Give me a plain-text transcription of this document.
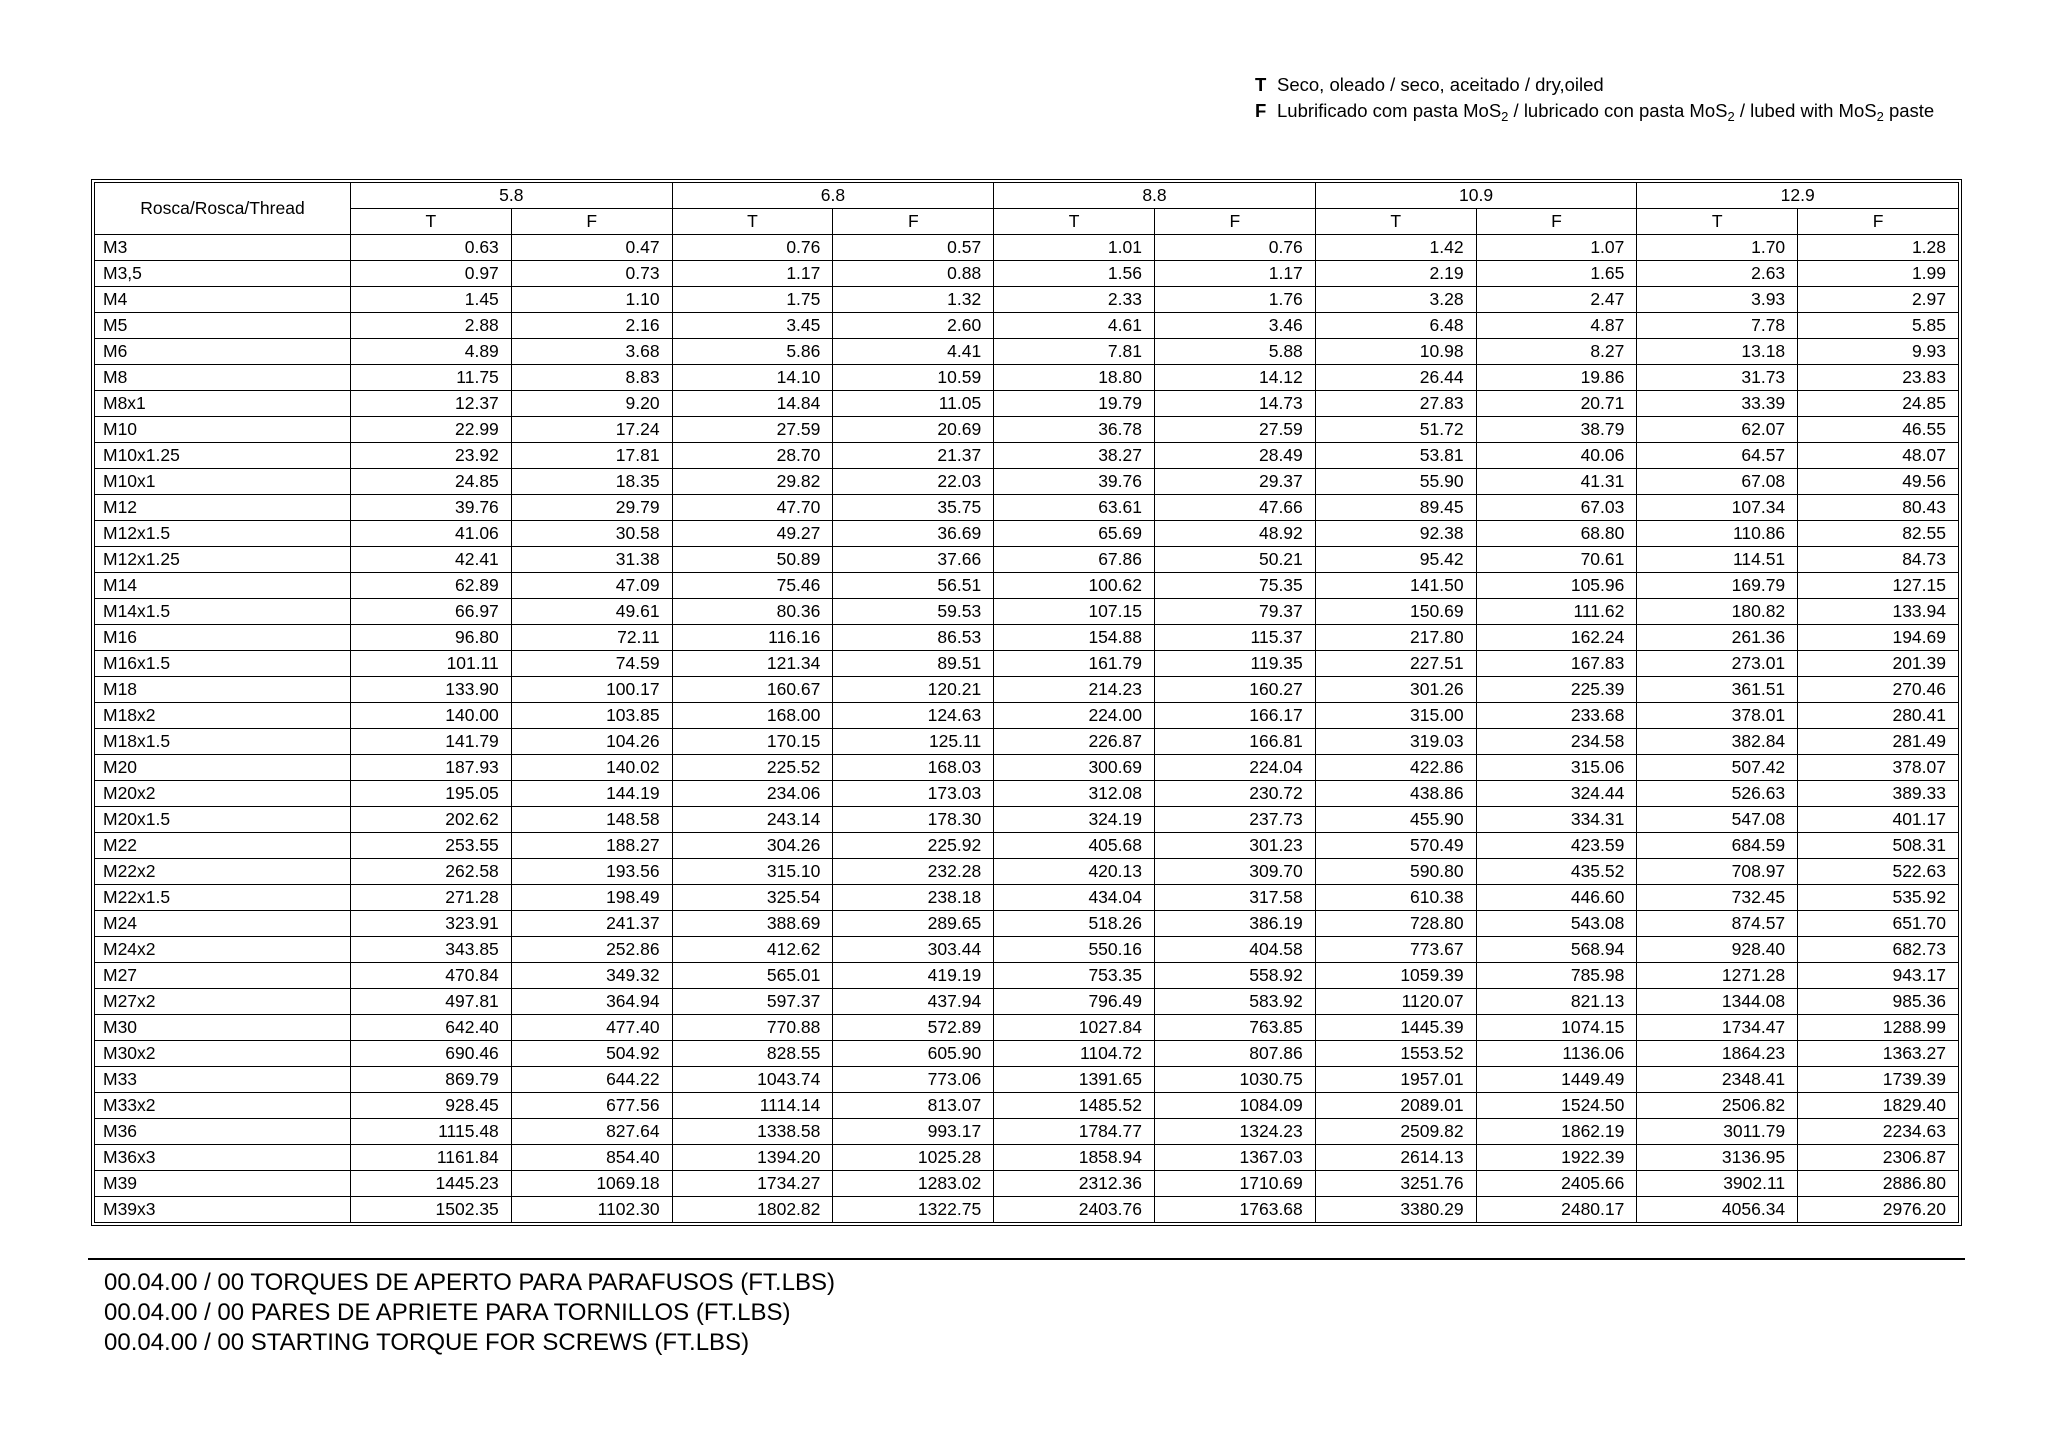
T Seco, oleado / seco, aceitado / dry,oiled
F Lubrificado com pasta MoS$_2$ / lubricado con pasta MoS$_2$ / lubed with MoS$_2$ paste
Rosca/Rosca/Thread	5.8		6.8		8.8		10.9		12.9	
	T	F	T	F	T	F	T	F	T	F
M3	0.63	0.47	0.76	0.57	1.01	0.76	1.42	1.07	1.70	1.28
M3,5	0.97	0.73	1.17	0.88	1.56	1.17	2.19	1.65	2.63	1.99
M4	1.45	1.10	1.75	1.32	2.33	1.76	3.28	2.47	3.93	2.97
M5	2.88	2.16	3.45	2.60	4.61	3.46	6.48	4.87	7.78	5.85
M6	4.89	3.68	5.86	4.41	7.81	5.88	10.98	8.27	13.18	9.93
M8	11.75	8.83	14.10	10.59	18.80	14.12	26.44	19.86	31.73	23.83
M8x1	12.37	9.20	14.84	11.05	19.79	14.73	27.83	20.71	33.39	24.85
M10	22.99	17.24	27.59	20.69	36.78	27.59	51.72	38.79	62.07	46.55
M10x1.25	23.92	17.81	28.70	21.37	38.27	28.49	53.81	40.06	64.57	48.07
M10x1	24.85	18.35	29.82	22.03	39.76	29.37	55.90	41.31	67.08	49.56
M12	39.76	29.79	47.70	35.75	63.61	47.66	89.45	67.03	107.34	80.43
M12x1.5	41.06	30.58	49.27	36.69	65.69	48.92	92.38	68.80	110.86	82.55
M12x1.25	42.41	31.38	50.89	37.66	67.86	50.21	95.42	70.61	114.51	84.73
M14	62.89	47.09	75.46	56.51	100.62	75.35	141.50	105.96	169.79	127.15
M14x1.5	66.97	49.61	80.36	59.53	107.15	79.37	150.69	111.62	180.82	133.94
M16	96.80	72.11	116.16	86.53	154.88	115.37	217.80	162.24	261.36	194.69
M16x1.5	101.11	74.59	121.34	89.51	161.79	119.35	227.51	167.83	273.01	201.39
M18	133.90	100.17	160.67	120.21	214.23	160.27	301.26	225.39	361.51	270.46
M18x2	140.00	103.85	168.00	124.63	224.00	166.17	315.00	233.68	378.01	280.41
M18x1.5	141.79	104.26	170.15	125.11	226.87	166.81	319.03	234.58	382.84	281.49
M20	187.93	140.02	225.52	168.03	300.69	224.04	422.86	315.06	507.42	378.07
M20x2	195.05	144.19	234.06	173.03	312.08	230.72	438.86	324.44	526.63	389.33
M20x1.5	202.62	148.58	243.14	178.30	324.19	237.73	455.90	334.31	547.08	401.17
M22	253.55	188.27	304.26	225.92	405.68	301.23	570.49	423.59	684.59	508.31
M22x2	262.58	193.56	315.10	232.28	420.13	309.70	590.80	435.52	708.97	522.63
M22x1.5	271.28	198.49	325.54	238.18	434.04	317.58	610.38	446.60	732.45	535.92
M24	323.91	241.37	388.69	289.65	518.26	386.19	728.80	543.08	874.57	651.70
M24x2	343.85	252.86	412.62	303.44	550.16	404.58	773.67	568.94	928.40	682.73
M27	470.84	349.32	565.01	419.19	753.35	558.92	1059.39	785.98	1271.28	943.17
M27x2	497.81	364.94	597.37	437.94	796.49	583.92	1120.07	821.13	1344.08	985.36
M30	642.40	477.40	770.88	572.89	1027.84	763.85	1445.39	1074.15	1734.47	1288.99
M30x2	690.46	504.92	828.55	605.90	1104.72	807.86	1553.52	1136.06	1864.23	1363.27
M33	869.79	644.22	1043.74	773.06	1391.65	1030.75	1957.01	1449.49	2348.41	1739.39
M33x2	928.45	677.56	1114.14	813.07	1485.52	1084.09	2089.01	1524.50	2506.82	1829.40
M36	1115.48	827.64	1338.58	993.17	1784.77	1324.23	2509.82	1862.19	3011.79	2234.63
M36x3	1161.84	854.40	1394.20	1025.28	1858.94	1367.03	2614.13	1922.39	3136.95	2306.87
M39	1445.23	1069.18	1734.27	1283.02	2312.36	1710.69	3251.76	2405.66	3902.11	2886.80
M39x3	1502.35	1102.30	1802.82	1322.75	2403.76	1763.68	3380.29	2480.17	4056.34	2976.20
00.04.00 / 00 TORQUES DE APERTO PARA PARAFUSOS (FT.LBS)
00.04.00 / 00 PARES DE APRIETE PARA TORNILLOS (FT.LBS)
00.04.00 / 00 STARTING TORQUE FOR SCREWS (FT.LBS)
